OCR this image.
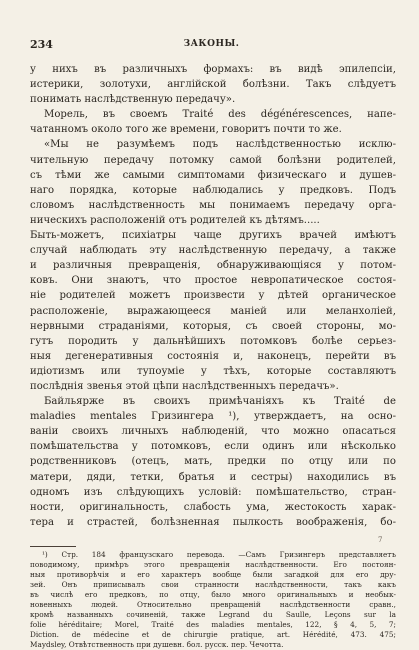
234	ЗАКОНЫ.
у нихъ въ различныхъ формахъ: въ видѣ эпилепсіи,
истерики, золотухи, англійской болѣзни. Такъ слѣдуетъ
понимать наслѣдственную передачу».
Морель, въ своемъ Traité des dégénérescences, напе-
чатанномъ около того же времени, говоритъ почти то же.
«Мы не разумѣемъ подъ наслѣдственностью исклю-
чительную передачу потомку самой болѣзни родителей,
съ тѣми же самыми симптомами физическаго и душев-
наго порядка, которые наблюдались у предковъ. Подъ
словомъ наслѣдственность мы понимаемъ передачу орга-
ническихъ расположеній отъ родителей къ дѣтямъ.....
Быть-можетъ, психіатры чаще другихъ врачей имѣютъ
случай наблюдать эту наслѣдственную передачу, а также
и различныя превращенія, обнаруживающіяся у потом-
ковъ. Они знаютъ, что простое невропатическое состоя-
ніе родителей можетъ произвести у дѣтей органическое
расположеніе, выражающееся маніей или меланхоліей,
нервными страданіями, которыя, съ своей стороны, мо-
гутъ породить у дальнѣйшихъ потомковъ болѣе серьез-
ныя дегенеративныя состоянія и, наконецъ, перейти въ
идіотизмъ или тупоуміе у тѣхъ, которые составляютъ
послѣднія звенья этой цѣпи наслѣдственныхъ передачъ».
Байльярже въ своихъ примѣчаніяхъ къ Traité de
maladies mentales Гризингера ¹), утверждаетъ, на осно-
ваніи своихъ личныхъ наблюденій, что можно опасаться
помѣшательства у потомковъ, если одинъ или нѣсколько
родственниковъ (отецъ, мать, предки по отцу или по
матери, дяди, тетки, братья и сестры) находились въ
одномъ изъ слѣдующихъ условій: помѣшательство, стран-
ности, оригинальность, слабость ума, жестокость харак-
тера и страстей, болѣзненная пылкость воображенія, бо-
7
¹) Стр. 184 французскаго перевода. —Самъ Гризингеръ представляетъ
поводимому, примѣръ этого превращенія наслѣдственности. Его постоян-
ныя противорѣчія и его характеръ вообще были загадкой для его дру-
зей. Онъ приписывалъ свои странности наслѣдственности, такъ какъ
въ числѣ его предковъ, по отцу, было много оригинальныхъ и необык-
новенныхъ людей. Относительно превращеній наслѣдственности сравн.,
кромѣ названныхъ сочиненій, также Legrand du Saulle, Leçons sur la
folie héréditaire; Morel, Traité des maladies mentales, 122, § 4, 5, 7;
Diction. de médecine et de chirurgie pratique, art. Hérédité, 473. 475;
Maydsley, Отвѣтственность при душевн. бол. русск. пер. Чечотта.
